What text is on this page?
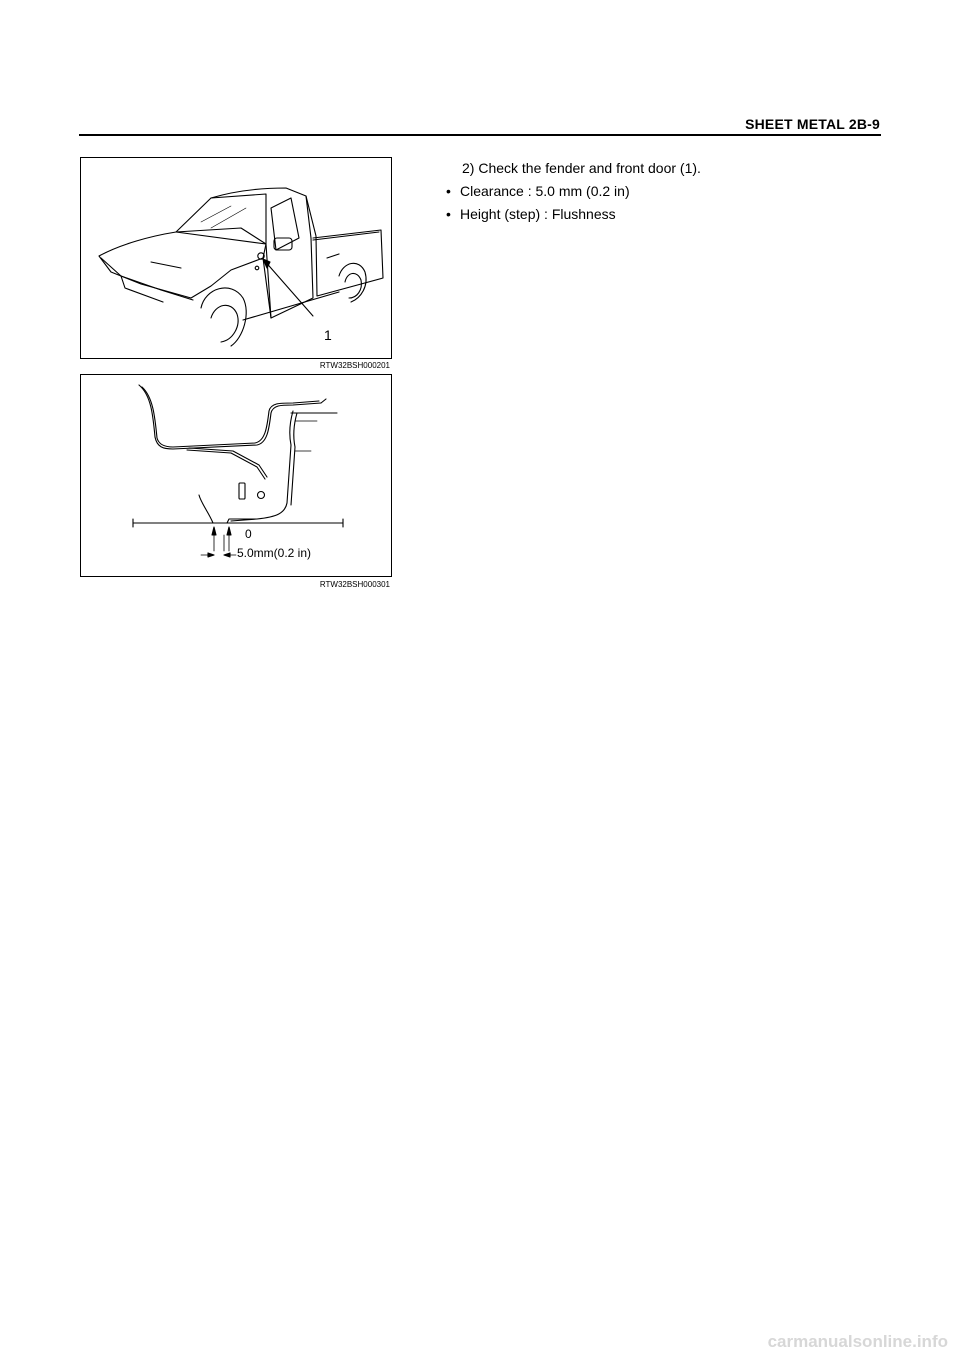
SHEET METAL 2B-9
1
RTW32BSH000201
0
5.0mm(0.2 in)
RTW32BSH000301
2) Check the fender and front door (1).
• Clearance : 5.0 mm (0.2 in)
• Height (step) : Flushness
carmanualsonline.info
